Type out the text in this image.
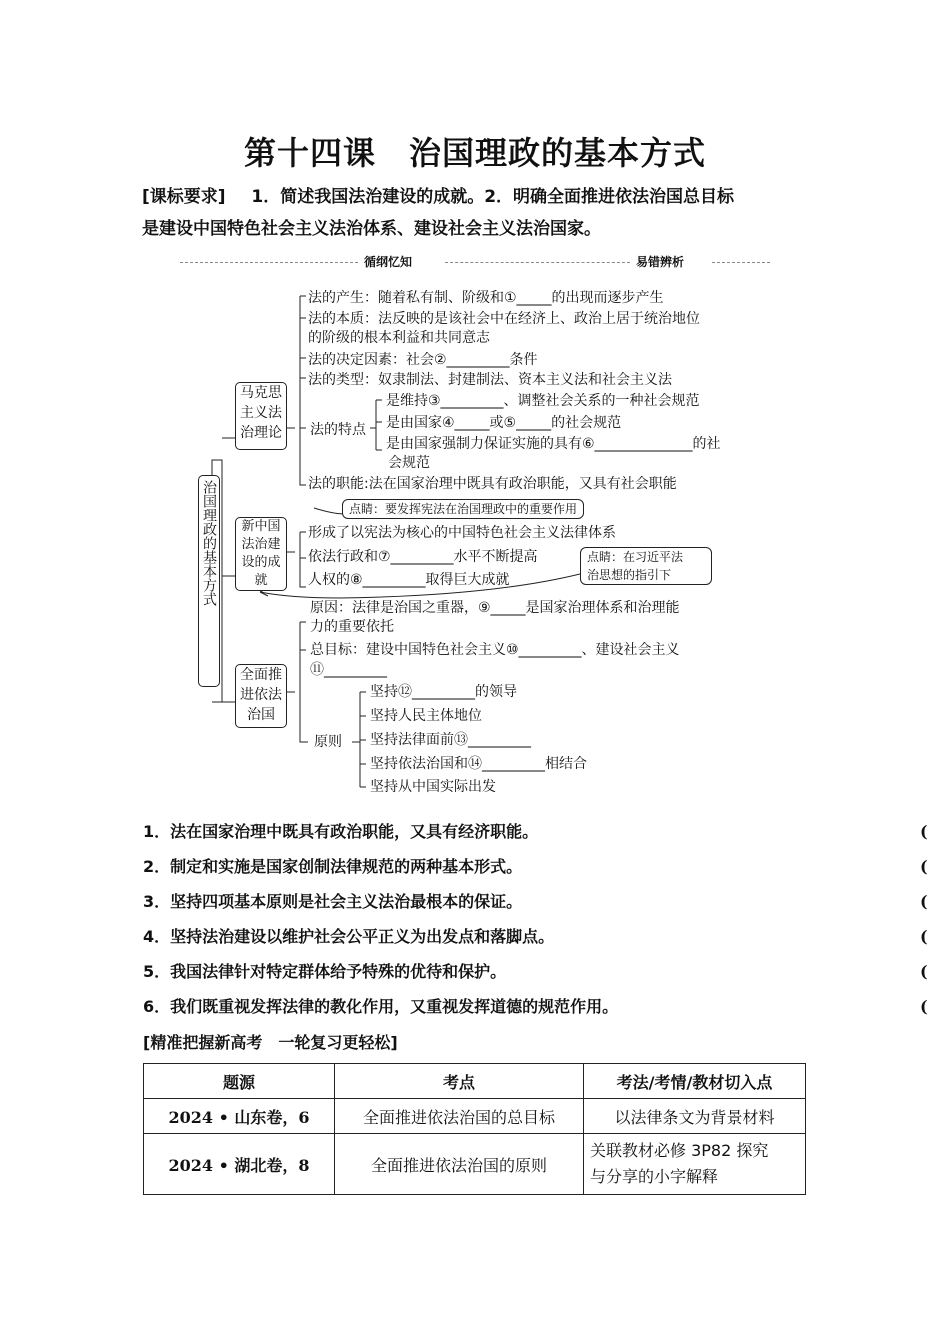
第十四课　治国理政的基本方式
[课标要求] 1．简述我国法治建设的成就。2．明确全面推进依法治国总目标
是建设中国特色社会主义法治体系、建设社会主义法治国家。
循纲忆知	易错辨析
治国理政的基本方式
马克思主义法治理论
法的产生：随着私有制、阶级和①_____的出现而逐步产生
法的本质：法反映的是该社会中在经济上、政治上居于统治地位
的阶级的根本利益和共同意志
法的决定因素：社会②_________条件
法的类型：奴隶制法、封建制法、资本主义法和社会主义法
法的特点
是维持③_________、调整社会关系的一种社会规范
是由国家④_____或⑤_____的社会规范
是由国家强制力保证实施的具有⑥______________的社
会规范
法的职能:法在国家治理中既具有政治职能，又具有社会职能
点睛：要发挥宪法在治国理政中的重要作用
新中国法治建设的成就
形成了以宪法为核心的中国特色社会主义法律体系
依法行政和⑦_________水平不断提高
人权的⑧_________取得巨大成就
点睛：在习近平法
治思想的指引下
全面推进依法治国
原因：法律是治国之重器，⑨_____是国家治理体系和治理能
力的重要依托
总目标：建设中国特色社会主义⑩_________、建设社会主义
⑪_________
原则
坚持⑫_________的领导
坚持人民主体地位
坚持法律面前⑬_________
坚持依法治国和⑭_________相结合
坚持从中国实际出发
1．法在国家治理中既具有政治职能，又具有经济职能。	(
2．制定和实施是国家创制法律规范的两种基本形式。	(
3．坚持四项基本原则是社会主义法治最根本的保证。	(
4．坚持法治建设以维护社会公平正义为出发点和落脚点。	(
5．我国法律针对特定群体给予特殊的优待和保护。	(
6．我们既重视发挥法律的教化作用，又重视发挥道德的规范作用。	(
[精准把握新高考　一轮复习更轻松]
题源	考点	考法/考情/教材切入点
2024 • 山东卷，6	全面推进依法治国的总目标	以法律条文为背景材料
2024 • 湖北卷，8	全面推进依法治国的原则	关联教材必修 3P82 探究
与分享的小字解释
